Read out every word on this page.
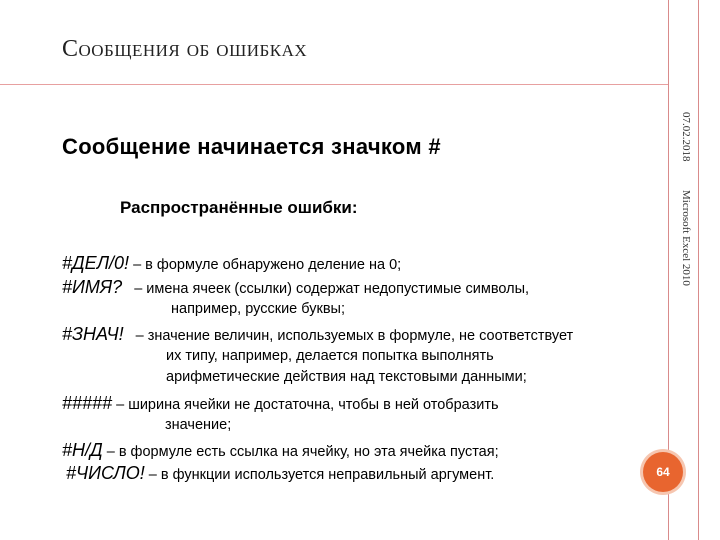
Сообщения об ошибках
07.02.2018
Microsoft Excel 2010
Сообщение начинается значком #
Распространённые ошибки:
#ДЕЛ/0! – в формуле обнаружено деление на 0;
#ИМЯ? – имена ячеек (ссылки) содержат недопустимые символы,
например, русские буквы;
#ЗНАЧ! – значение величин, используемых в формуле, не соответствует
их типу, например, делается попытка выполнять
арифметические действия над текстовыми данными;
##### – ширина ячейки не достаточна, чтобы в ней отобразить
значение;
#Н/Д – в формуле есть ссылка на ячейку, но эта ячейка пустая;
#ЧИСЛО! – в функции используется неправильный аргумент.	64
